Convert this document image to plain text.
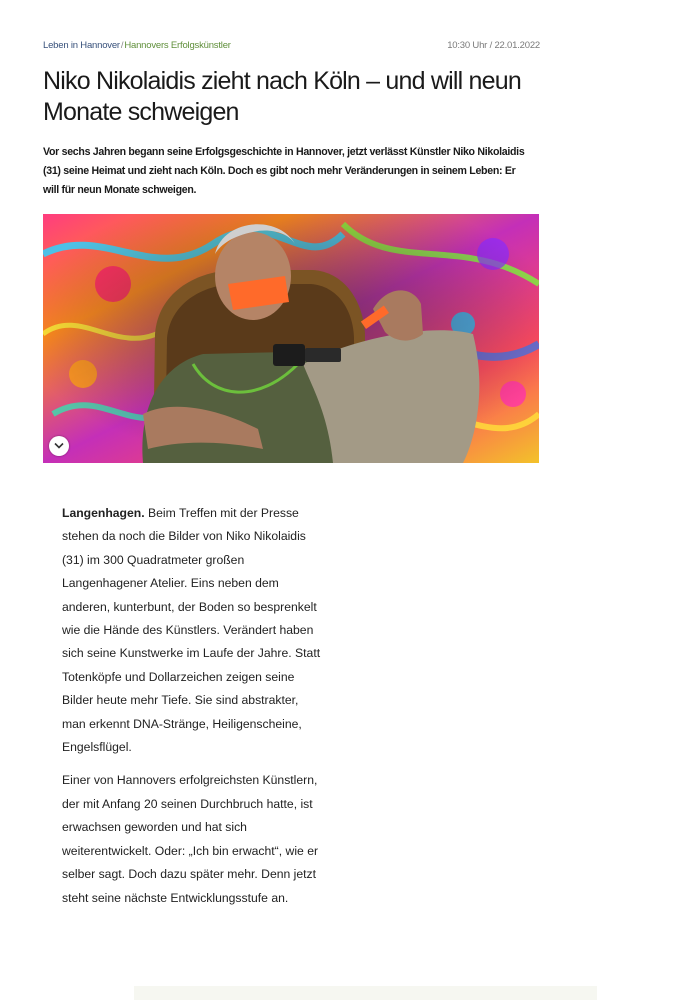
Leben in Hannover/Hannovers Erfolgskünstler	10:30 Uhr / 22.01.2022
Niko Nikolaidis zieht nach Köln – und will neun Monate schweigen

Vor sechs Jahren begann seine Erfolgsgeschichte in Hannover, jetzt verlässt Künstler Niko Nikolaidis (31) seine Heimat und zieht nach Köln. Doch es gibt noch mehr Veränderungen in seinem Leben: Er will für neun Monate schweigen.

Langenhagen. Beim Treffen mit der Presse stehen da noch die Bilder von Niko Nikolaidis (31) im 300 Quadratmeter großen Langenhagener Atelier. Eins neben dem anderen, kunterbunt, der Boden so besprenkelt wie die Hände des Künstlers. Verändert haben sich seine Kunstwerke im Laufe der Jahre. Statt Totenköpfe und Dollarzeichen zeigen seine Bilder heute mehr Tiefe. Sie sind abstrakter, man erkennt DNA-Stränge, Heiligenscheine, Engelsflügel.

Einer von Hannovers erfolgreichsten Künstlern, der mit Anfang 20 seinen Durchbruch hatte, ist erwachsen geworden und hat sich weiterentwickelt. Oder: „Ich bin erwacht“, wie er selber sagt. Doch dazu später mehr. Denn jetzt steht seine nächste Entwicklungsstufe an.
